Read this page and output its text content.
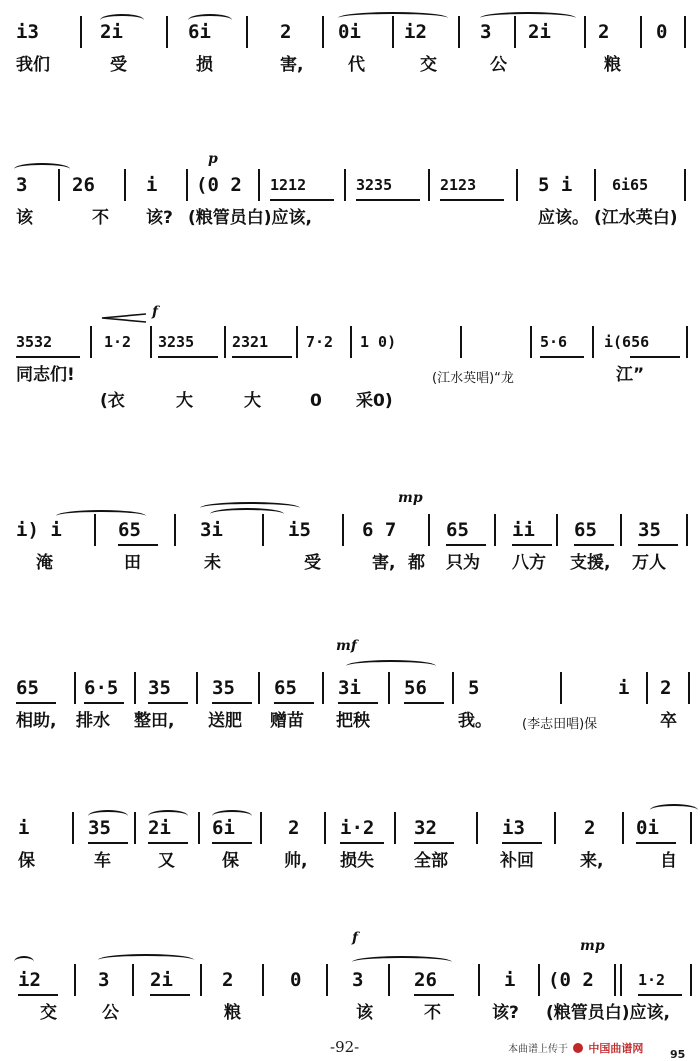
i3	2i	6i	2 0i i2	3 2i 2 0
我们	受	损	害,	代	交	公	粮
p
3 26	i (0 2 1212	3235	2123	5 i	6i65
该	不 该? (粮管员白)应该,	应该。 (江水英白)
f
3532	1·2 3235	2321	7·2 1 0)	5·6 i(656
同志们!	(江水英唱)“龙	江”
(衣	大	大	0 采0)
mp
i) i	65	3i	i5	6 7	65 ii 65 35
淹	田	未	受	害, 都 只为 八方 支援, 万人
mf
65 6·5 35 35 65 3i 56 5	i 2
相助, 排水 整田, 送肥 赠苗 把秧	我。 (李志田唱)保	卒
i	35 2i 6i	2 i·2 32	i3	2 0i
保	车	又	保	帅, 损失 全部	补回	来,	自
f	mp
i2	3 2i	2	0	3	26	i (0 2	1·2
交	公	粮	该	不	该? (粮管员白)应该,
-92-	本曲谱上传于 中国曲谱网 95
